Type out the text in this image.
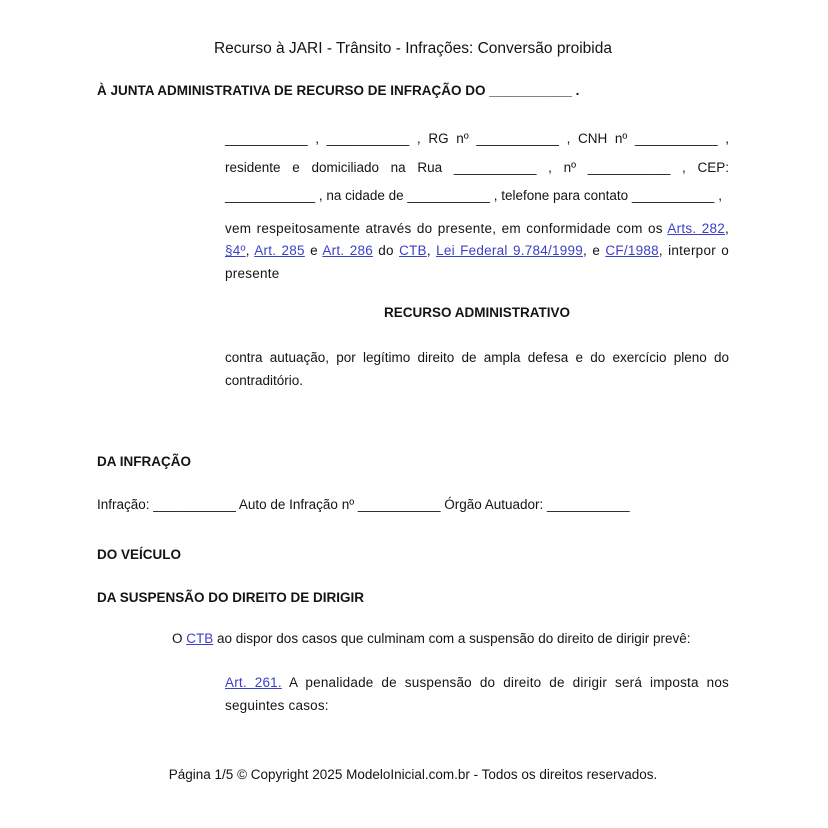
Recurso à JARI - Trânsito - Infrações: Conversão proibida
À JUNTA ADMINISTRATIVA DE RECURSO DE INFRAÇÃO DO ___________ .

___________ , ___________ , RG nº ___________ , CNH nº ___________ , residente e domiciliado na Rua ___________ , nº ___________ , CEP: ____________ , na cidade de ___________ , telefone para contato ___________ ,

vem respeitosamente através do presente, em conformidade com os Arts. 282, §4º, Art. 285 e Art. 286 do CTB, Lei Federal 9.784/1999, e CF/1988, interpor o presente

RECURSO ADMINISTRATIVO

contra autuação, por legítimo direito de ampla defesa e do exercício pleno do contraditório.

DA INFRAÇÃO

Infração: ___________ Auto de Infração nº ___________ Órgão Autuador: ___________

DO VEÍCULO
DA SUSPENSÃO DO DIREITO DE DIRIGIR

O CTB ao dispor dos casos que culminam com a suspensão do direito de dirigir prevê:

Art. 261. A penalidade de suspensão do direito de dirigir será imposta nos seguintes casos:

Página 1/5 © Copyright 2025 ModeloInicial.com.br - Todos os direitos reservados.
